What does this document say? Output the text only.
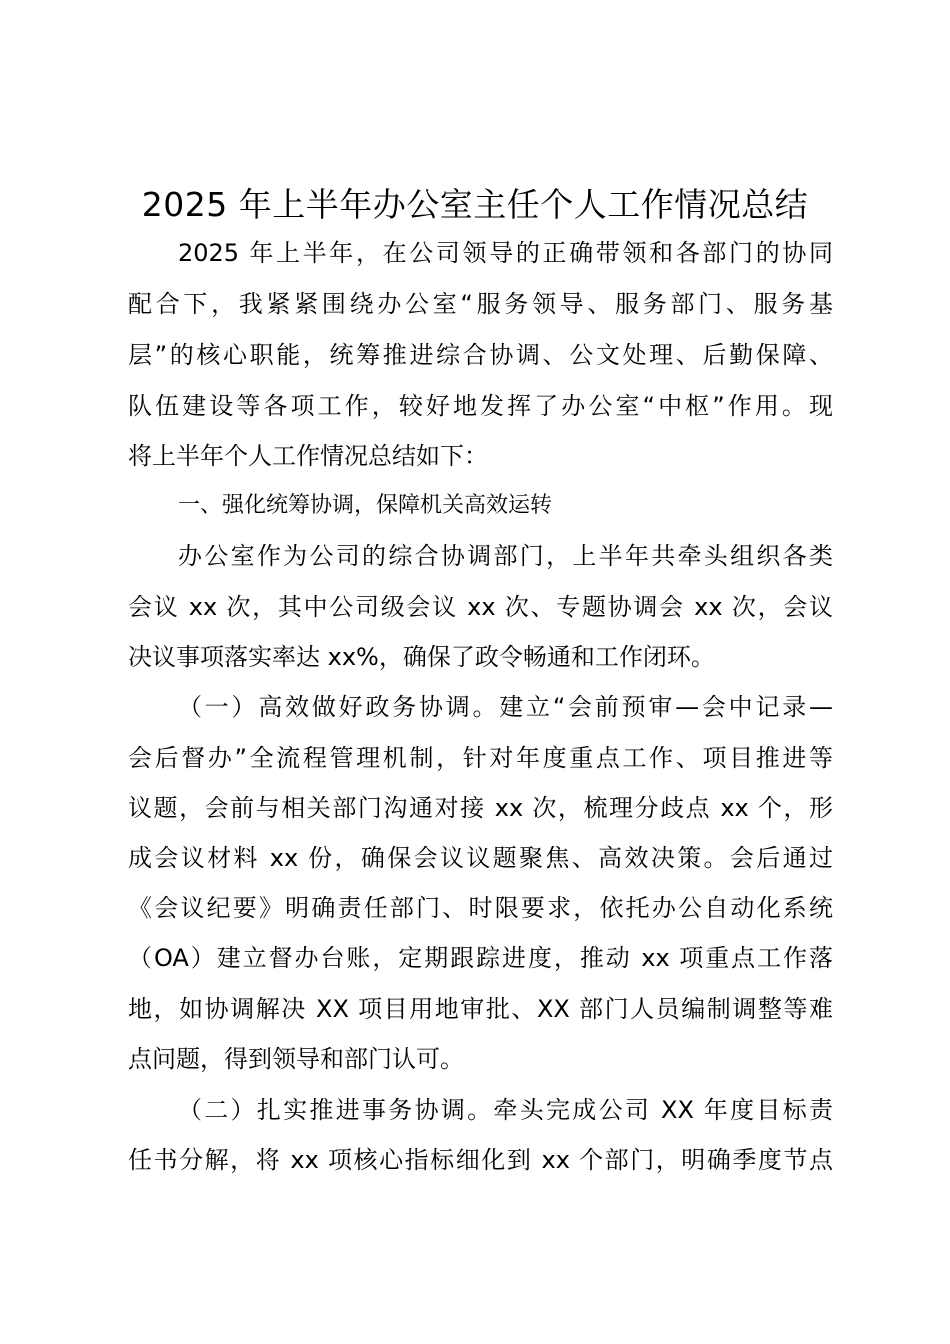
2025 年上半年办公室主任个人工作情况总结
2025 年上半年，在公司领导的正确带领和各部门的协同
配合下，我紧紧围绕办公室“服务领导、服务部门、服务基
层”的核心职能，统筹推进综合协调、公文处理、后勤保障、
队伍建设等各项工作，较好地发挥了办公室“中枢”作用。现
将上半年个人工作情况总结如下：
一、强化统筹协调，保障机关高效运转
办公室作为公司的综合协调部门，上半年共牵头组织各类
会议 xx 次，其中公司级会议 xx 次、专题协调会 xx 次，会议
决议事项落实率达 xx%，确保了政令畅通和工作闭环。
（一）高效做好政务协调。建立“会前预审—会中记录—
会后督办”全流程管理机制，针对年度重点工作、项目推进等
议题，会前与相关部门沟通对接 xx 次，梳理分歧点 xx 个，形
成会议材料 xx 份，确保会议议题聚焦、高效决策。会后通过
《会议纪要》明确责任部门、时限要求，依托办公自动化系统
（OA）建立督办台账，定期跟踪进度，推动 xx 项重点工作落
地，如协调解决 XX 项目用地审批、XX 部门人员编制调整等难
点问题，得到领导和部门认可。
（二）扎实推进事务协调。牵头完成公司 XX 年度目标责
任书分解，将 xx 项核心指标细化到 xx 个部门，明确季度节点
